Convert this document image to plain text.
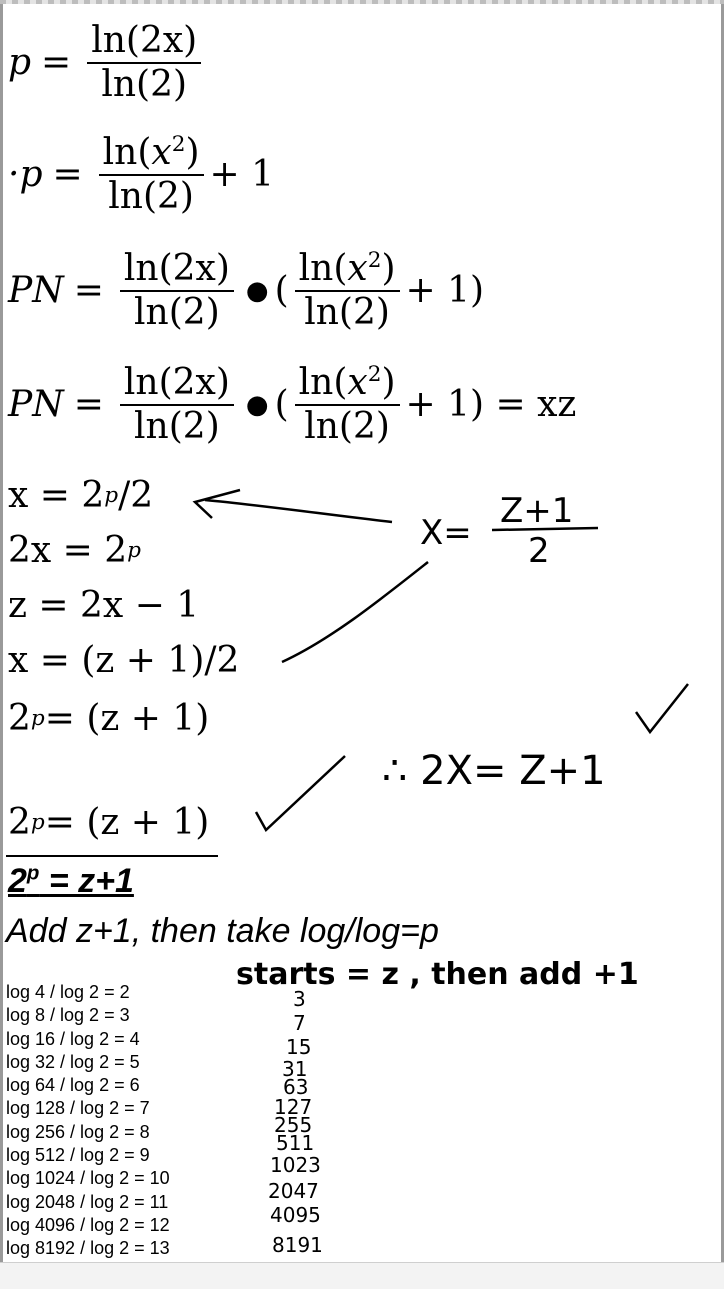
$p = \frac{\ln(2x)}{\ln(2)}$
$\cdot p = \frac{\ln(x^2)}{\ln(2)} + 1$
PN = $\frac{\ln(2x)}{\ln(2)}$ ● ( $\frac{\ln(x^2)}{\ln(2)} + 1$)
PN = $\frac{\ln(2x)}{\ln(2)}$ ● ( $\frac{\ln(x^2)}{\ln(2)} + 1$) = xz
x = 2 p /2
2x = 2 p
z = 2x − 1
x = (z + 1)/2
2 p = (z + 1)
2 p = (z + 1)
$2^p = z+1$
Add z+1, then take log/log=p
log 4 / log 2 = 2
log 8 / log 2 = 3
log 16 / log 2 = 4
log 32 / log 2 = 5
log 64 / log 2 = 6
log 128 / log 2 = 7
log 256 / log 2 = 8
log 512 / log 2 = 9
log 1024 / log 2 = 10
log 2048 / log 2 = 11
log 4096 / log 2 = 12
log 8192 / log 2 = 13
X=
Z+1
2
∴ 2X= Z+1
starts = z , then add +1
3
7
15
31
63
127
255
511
1023
2047
4095
8191
